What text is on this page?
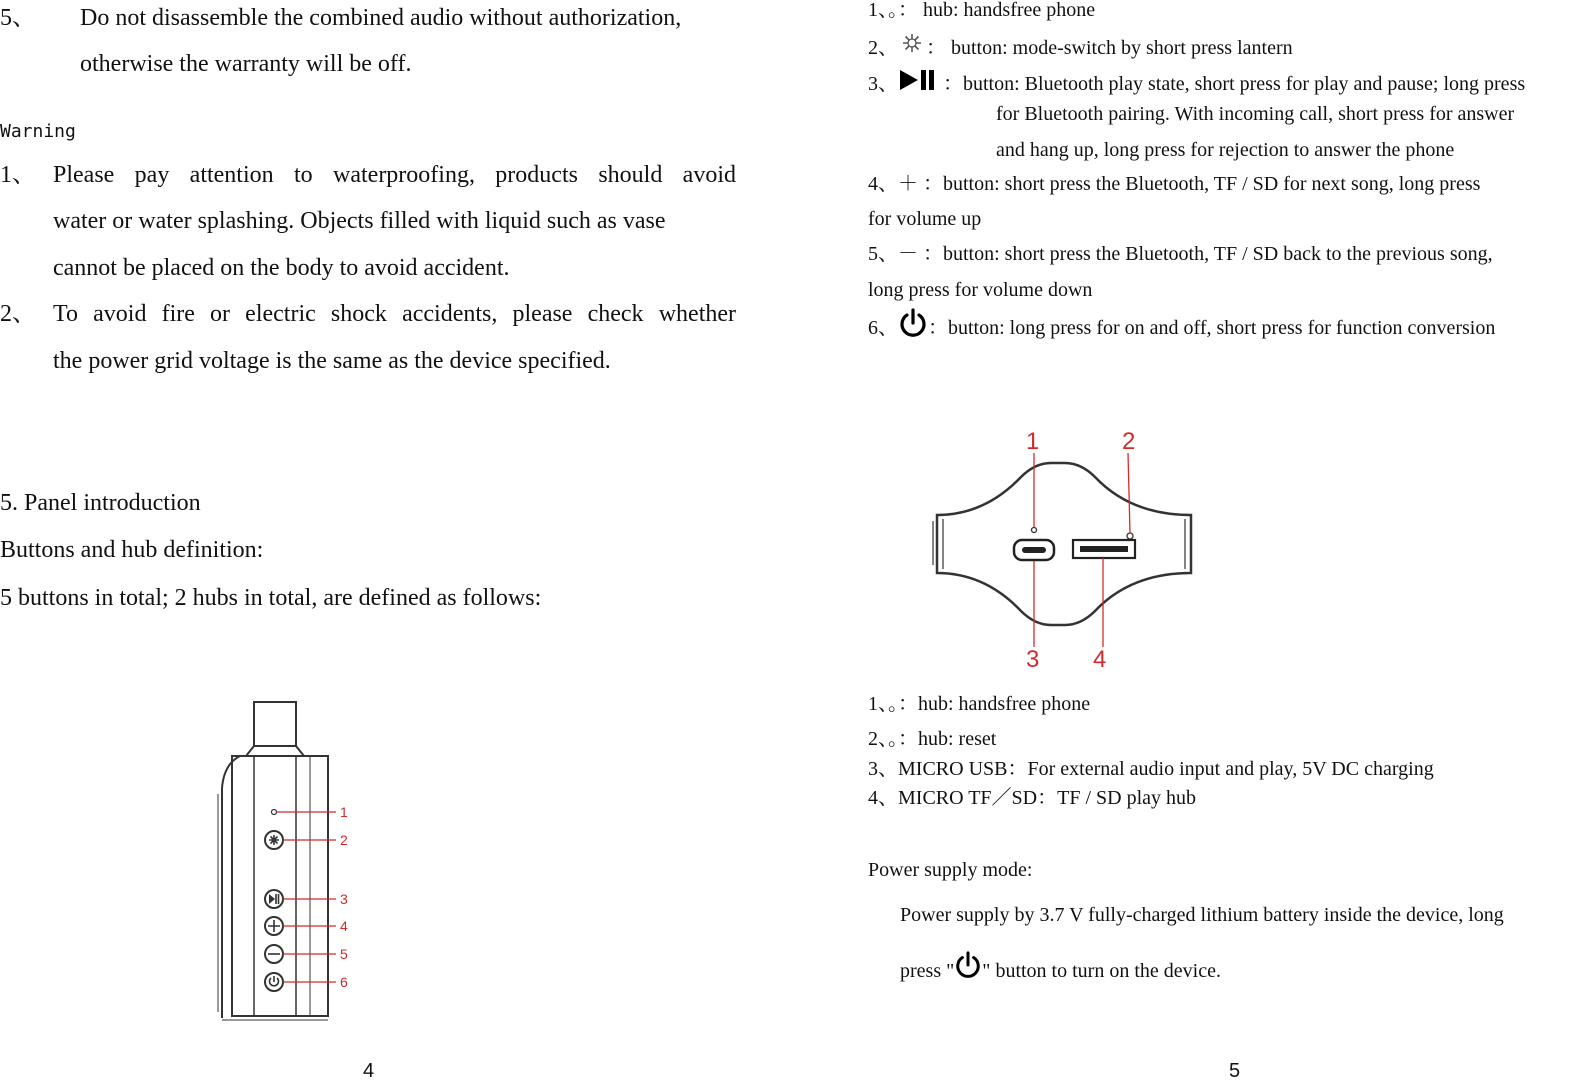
5、 Do not disassemble the combined audio without authorization,
otherwise the warranty will be off.
Warning
1、 Please pay attention to waterproofing, products should avoid
water or water splashing. Objects filled with liquid such as vase
cannot be placed on the body to avoid accident.
2、 To avoid fire or electric shock accidents, please check whether
the power grid voltage is the same as the device specified.
5. Panel introduction
Buttons and hub definition:
5 buttons in total; 2 hubs in total, are defined as follows:
1
2
3
4
5
6
4
1、。： hub: handsfree phone
2、 ： button: mode-switch by short press lantern
3、 ：button: Bluetooth play state, short press for play and pause; long press
for Bluetooth pairing. With incoming call, short press for answer
and hang up, long press for rejection to answer the phone
4、＋ ：button: short press the Bluetooth, TF / SD for next song, long press
for volume up
5、－ ：button: short press the Bluetooth, TF / SD back to the previous song,
long press for volume down
6、 ：button: long press for on and off, short press for function conversion
1	2
3 4
1、。：hub: handsfree phone
2、。：hub: reset
3、MICRO USB：For external audio input and play, 5V DC charging
4、MICRO TF／SD：TF / SD play hub
Power supply mode:
Power supply by 3.7 V fully-charged lithium battery inside the device, long
press " " button to turn on the device.
5
